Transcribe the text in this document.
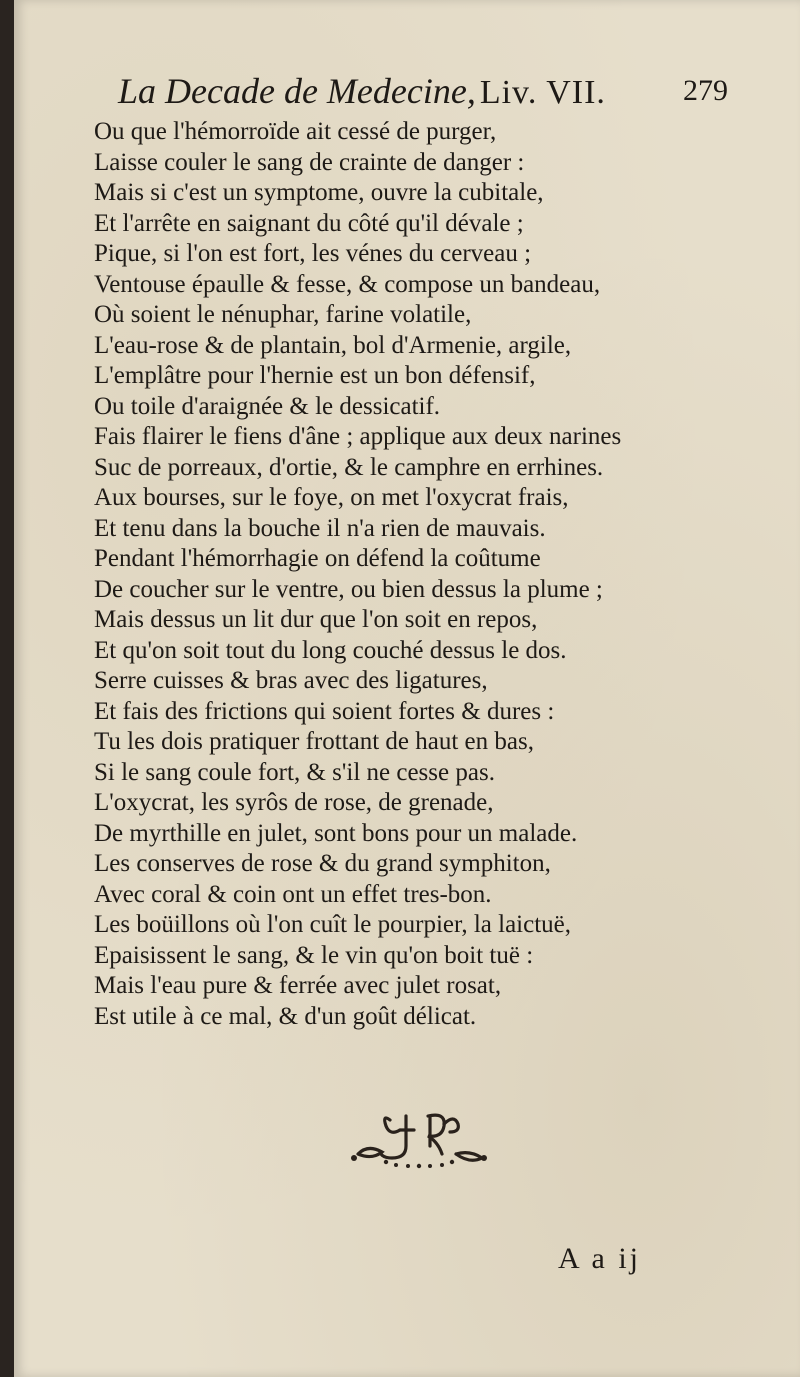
La Decade de Medecine, Liv. VII.	279
Ou que l'hémorroïde ait cessé de purger,
Laisse couler le sang de crainte de danger :
Mais si c'est un symptome, ouvre la cubitale,
Et l'arrête en saignant du côté qu'il dévale ;
Pique, si l'on est fort, les vénes du cerveau ;
Ventouse épaulle & fesse, & compose un bandeau,
Où soient le nénuphar, farine volatile,
L'eau-rose & de plantain, bol d'Armenie, argile,
L'emplâtre pour l'hernie est un bon défensif,
Ou toile d'araignée & le dessicatif.
Fais flairer le fiens d'âne ; applique aux deux narines
Suc de porreaux, d'ortie, & le camphre en errhines.
Aux bourses, sur le foye, on met l'oxycrat frais,
Et tenu dans la bouche il n'a rien de mauvais.
Pendant l'hémorrhagie on défend la coûtume
De coucher sur le ventre, ou bien dessus la plume ;
Mais dessus un lit dur que l'on soit en repos,
Et qu'on soit tout du long couché dessus le dos.
Serre cuisses & bras avec des ligatures,
Et fais des frictions qui soient fortes & dures :
Tu les dois pratiquer frottant de haut en bas,
Si le sang coule fort, & s'il ne cesse pas.
L'oxycrat, les syrôs de rose, de grenade,
De myrthille en julet, sont bons pour un malade.
Les conserves de rose & du grand symphiton,
Avec coral & coin ont un effet tres-bon.
Les boüillons où l'on cuît le pourpier, la laictuë,
Epaisissent le sang, & le vin qu'on boit tuë :
Mais l'eau pure & ferrée avec julet rosat,
Est utile à ce mal, & d'un goût délicat.
A a ij
